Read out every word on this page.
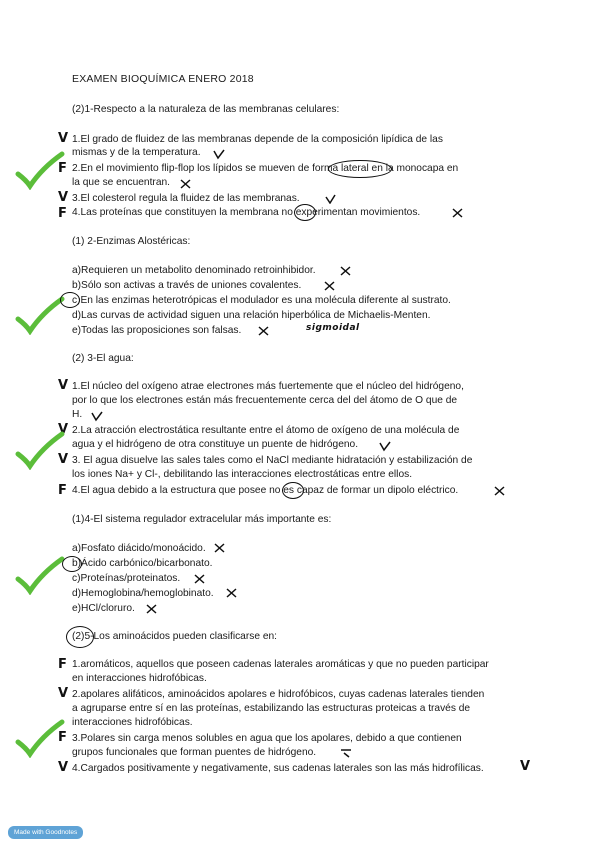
EXAMEN BIOQUÍMICA ENERO 2018
(2)1-Respecto a la naturaleza de las membranas celulares:
1.El grado de fluidez de las membranas depende de la composición lipídica de las
mismas y de la temperatura.
2.En el movimiento flip-flop los lípidos se mueven de forma lateral en la monocapa en
la que se encuentran.
3.El colesterol regula la fluidez de las membranas.
4.Las proteínas que constituyen la membrana no experimentan movimientos.
V
F
V
F
(1) 2-Enzimas Alostéricas:
a)Requieren un metabolito denominado retroinhibidor.
b)Sólo son activas a través de uniones covalentes.
c)En las enzimas heterotrópicas el modulador es una molécula diferente al sustrato.
d)Las curvas de actividad siguen una relación hiperbólica de Michaelis-Menten.
e)Todas las proposiciones son falsas.	sigmoidal
(2) 3-El agua:
1.El núcleo del oxígeno atrae electrones más fuertemente que el núcleo del hidrógeno,
por lo que los electrones están más frecuentemente cerca del del átomo de O que de
H.
2.La atracción electrostática resultante entre el átomo de oxígeno de una molécula de
agua y el hidrógeno de otra constituye un puente de hidrógeno.
3. El agua disuelve las sales tales como el NaCl mediante hidratación y estabilización de
los iones Na+ y Cl-, debilitando las interacciones electrostáticas entre ellos.
4.El agua debido a la estructura que posee no es capaz de formar un dipolo eléctrico.
V
V
V
F
(1)4-El sistema regulador extracelular más importante es:
a)Fosfato diácido/monoácido.
b)Ácido carbónico/bicarbonato.
c)Proteínas/proteinatos.
d)Hemoglobina/hemoglobinato.
e)HCl/cloruro.
(2)5-Los aminoácidos pueden clasificarse en:
1.aromáticos, aquellos que poseen cadenas laterales aromáticas y que no pueden participar
en interacciones hidrofóbicas.
2.apolares alifáticos, aminoácidos apolares e hidrofóbicos, cuyas cadenas laterales tienden
a agruparse entre sí en las proteínas, estabilizando las estructuras proteicas a través de
interacciones hidrofóbicas.
3.Polares sin carga menos solubles en agua que los apolares, debido a que contienen
grupos funcionales que forman puentes de hidrógeno.
4.Cargados positivamente y negativamente, sus cadenas laterales son las más hidrofílicas.
F
V
F
V	V
Made with Goodnotes
